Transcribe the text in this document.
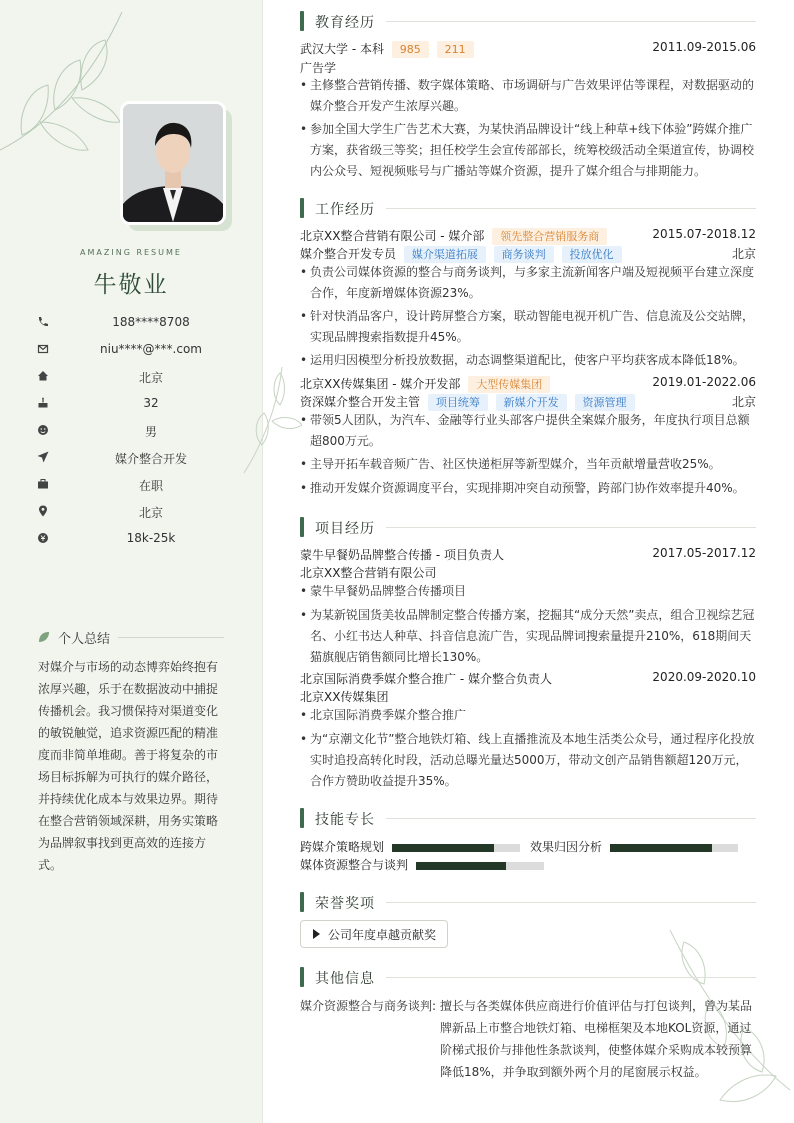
AMAZING RESUME
牛敬业
188****8708
niu****@***.com
北京
32
男
媒介整合开发
在职
北京
18k-25k
个人总结
对媒介与市场的动态博弈始终抱有浓厚兴趣，乐于在数据波动中捕捉传播机会。我习惯保持对渠道变化的敏锐触觉，追求资源匹配的精准度而非简单堆砌。善于将复杂的市场目标拆解为可执行的媒介路径，并持续优化成本与效果边界。期待在整合营销领域深耕，用务实策略为品牌叙事找到更高效的连接方式。
教育经历
武汉大学 - 本科 985 211	2011.09-2015.06
广告学
• 主修整合营销传播、数字媒体策略、市场调研与广告效果评估等课程，对数据驱动的媒介整合开发产生浓厚兴趣。
• 参加全国大学生广告艺术大赛，为某快消品牌设计“线上种草+线下体验”跨媒介推广方案，获省级三等奖；担任校学生会宣传部部长，统筹校级活动全渠道宣传，协调校内公众号、短视频账号与广播站等媒介资源，提升了媒介组合与排期能力。
工作经历
北京XX整合营销有限公司 - 媒介部 领先整合营销服务商	2015.07-2018.12
媒介整合开发专员 媒介渠道拓展 商务谈判 投放优化	北京
• 负责公司媒体资源的整合与商务谈判，与多家主流新闻客户端及短视频平台建立深度合作，年度新增媒体资源23%。
• 针对快消品客户，设计跨屏整合方案，联动智能电视开机广告、信息流及公交站牌，实现品牌搜索指数提升45%。
• 运用归因模型分析投放数据，动态调整渠道配比，使客户平均获客成本降低18%。
北京XX传媒集团 - 媒介开发部 大型传媒集团	2019.01-2022.06
资深媒介整合开发主管 项目统筹 新媒介开发 资源管理	北京
• 带领5人团队，为汽车、金融等行业头部客户提供全案媒介服务，年度执行项目总额超800万元。
• 主导开拓车载音频广告、社区快递柜屏等新型媒介，当年贡献增量营收25%。
• 推动开发媒介资源调度平台，实现排期冲突自动预警，跨部门协作效率提升40%。
项目经历
蒙牛早餐奶品牌整合传播 - 项目负责人	2017.05-2017.12
北京XX整合营销有限公司
• 蒙牛早餐奶品牌整合传播项目
• 为某新锐国货美妆品牌制定整合传播方案，挖掘其“成分天然”卖点，组合卫视综艺冠名、小红书达人种草、抖音信息流广告，实现品牌词搜索量提升210%，618期间天猫旗舰店销售额同比增长130%。
北京国际消费季媒介整合推广 - 媒介整合负责人	2020.09-2020.10
北京XX传媒集团
• 北京国际消费季媒介整合推广
• 为“京潮文化节”整合地铁灯箱、线上直播推流及本地生活类公众号，通过程序化投放实时追投高转化时段，活动总曝光量达5000万，带动文创产品销售额超120万元，合作方赞助收益提升35%。
技能专长
跨媒介策略规划	效果归因分析
媒体资源整合与谈判
荣誉奖项
公司年度卓越贡献奖
其他信息
媒介资源整合与商务谈判: 擅长与各类媒体供应商进行价值评估与打包谈判，曾为某品牌新品上市整合地铁灯箱、电梯框架及本地KOL资源，通过阶梯式报价与排他性条款谈判，使整体媒介采购成本较预算降低18%，并争取到额外两个月的尾窗展示权益。
